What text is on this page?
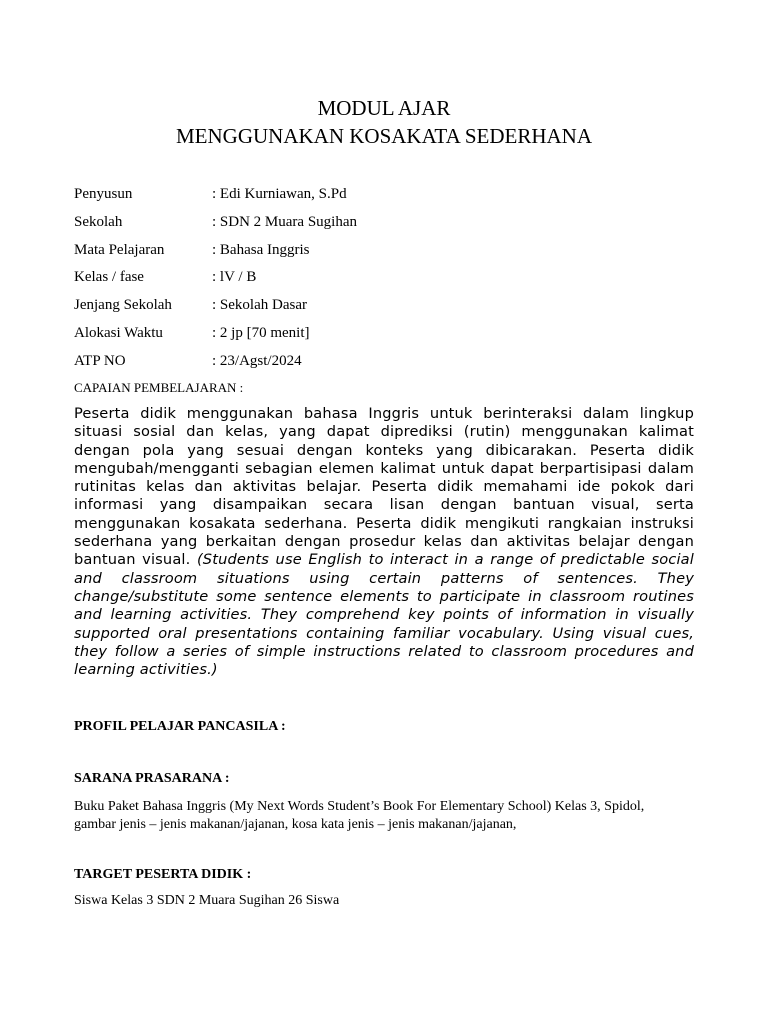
MODUL AJAR
MENGGUNAKAN KOSAKATA SEDERHANA
Penyusun	: Edi Kurniawan, S.Pd
Sekolah	: SDN 2 Muara Sugihan
Mata Pelajaran	: Bahasa Inggris
Kelas / fase	: lV / B
Jenjang Sekolah	: Sekolah Dasar
Alokasi Waktu	: 2 jp [70 menit]
ATP NO	: 23/Agst/2024
CAPAIAN PEMBELAJARAN :
Peserta didik menggunakan bahasa Inggris untuk berinteraksi dalam lingkup situasi sosial dan kelas, yang dapat diprediksi (rutin) menggunakan kalimat dengan pola yang sesuai dengan konteks yang dibicarakan. Peserta didik mengubah/mengganti sebagian elemen kalimat untuk dapat berpartisipasi dalam rutinitas kelas dan aktivitas belajar. Peserta didik memahami ide pokok dari informasi yang disampaikan secara lisan dengan bantuan visual, serta menggunakan kosakata sederhana. Peserta didik mengikuti rangkaian instruksi sederhana yang berkaitan dengan prosedur kelas dan aktivitas belajar dengan bantuan visual. (Students use English to interact in a range of predictable social and classroom situations using certain patterns of sentences. They change/substitute some sentence elements to participate in classroom routines and learning activities. They comprehend key points of information in visually supported oral presentations containing familiar vocabulary. Using visual cues, they follow a series of simple instructions related to classroom procedures and learning activities.)
PROFIL PELAJAR PANCASILA :
SARANA PRASARANA :
Buku Paket Bahasa Inggris (My Next Words Student’s Book For Elementary School) Kelas 3, Spidol, gambar jenis – jenis makanan/jajanan, kosa kata jenis – jenis makanan/jajanan,
TARGET PESERTA DIDIK :
Siswa Kelas 3 SDN 2 Muara Sugihan 26 Siswa
